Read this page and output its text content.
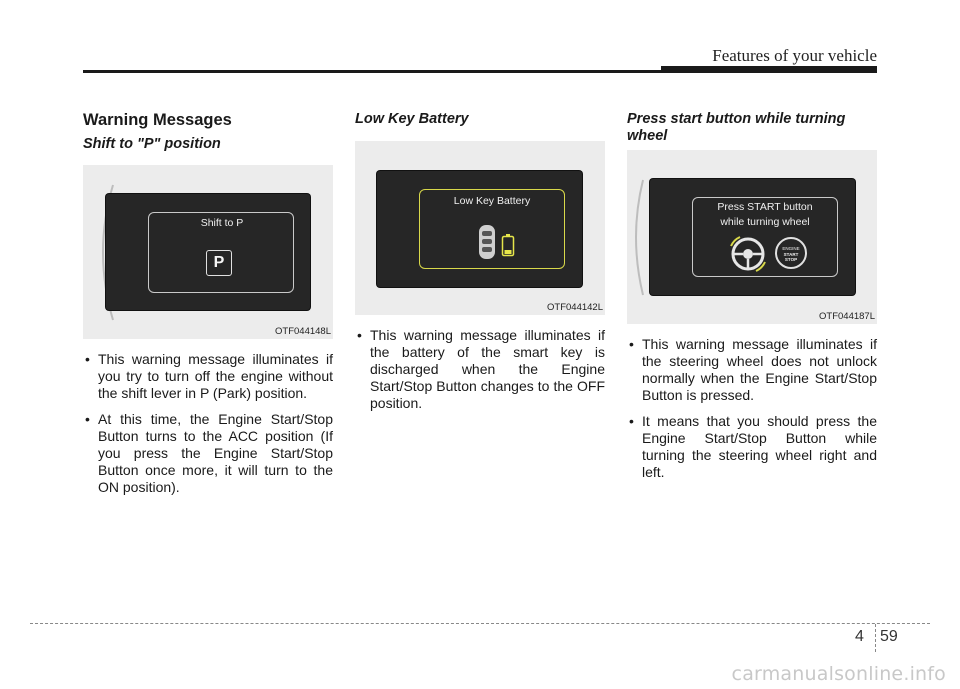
Features of your vehicle
Warning Messages
Shift to "P" position
Shift to P
P
OTF044148L
• This warning message illuminates if you try to turn off the engine without the shift lever in P (Park) position.
• At this time, the Engine Start/Stop Button turns to the ACC position (If you press the Engine Start/Stop Button once more, it will turn to the ON position).
Low Key Battery
Low Key Battery
OTF044142L
• This warning message illuminates if the battery of the smart key is discharged when the Engine Start/Stop Button changes to the OFF position.
Press start button while turning wheel
Press START button
while turning wheel
ENGINE
START
STOP
OTF044187L
• This warning message illuminates if the steering wheel does not unlock normally when the Engine Start/Stop Button is pressed.
• It means that you should press the Engine Start/Stop Button while turning the steering wheel right and left.
4 59
carmanualsonline.info
